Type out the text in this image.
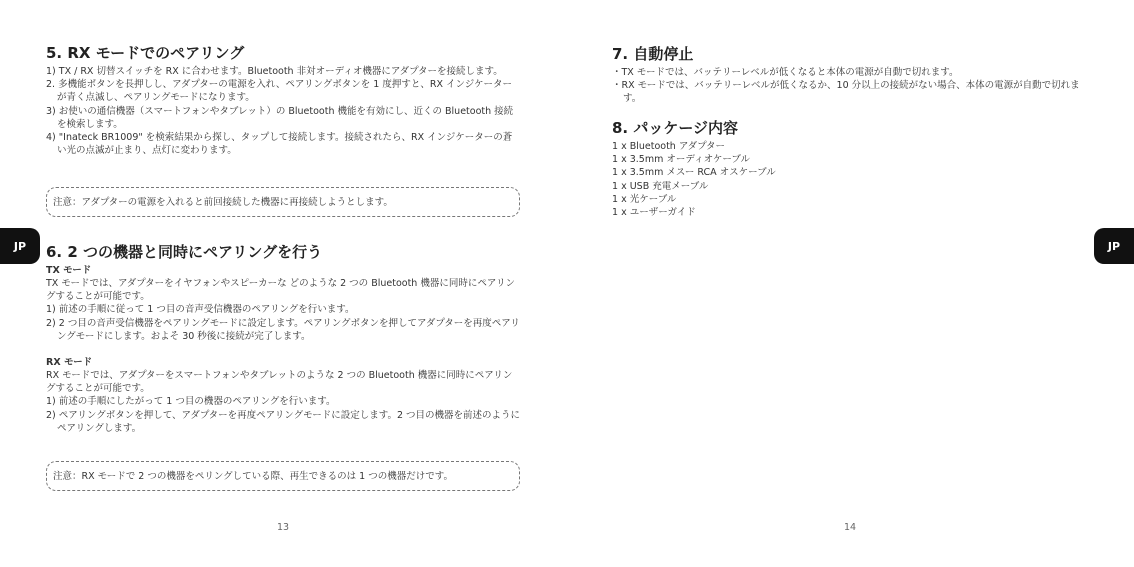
JP
5. RX モードでのペアリング

1) TX / RX 切替スイッチを RX に合わせます。Bluetooth 非対オーディオ機器にアダプターを接続します。

2. 多機能ボタンを長押しし、アダプターの電源を入れ、ペアリングボタンを 1 度押すと、RX インジケーターが青く点滅し、ペアリングモードになります。

3) お使いの通信機器（スマートフォンやタブレット）の Bluetooth 機能を有効にし、近くの Bluetooth 接続を検索します。

4) "Inateck BR1009" を検索結果から探し、タップして接続します。接続されたら、RX インジケーターの蒼い光の点滅が止まり、点灯に変わります。

注意：アダプターの電源を入れると前回接続した機器に再接続しようとします。
6. 2 つの機器と同時にペアリングを行う

TX モード

TX モードでは、アダプターをイヤフォンやスピーカーな どのような 2 つの Bluetooth 機器に同時にペアリングすることが可能です。

1) 前述の手順に従って 1 つ目の音声受信機器のペアリングを行います。

2) 2 つ目の音声受信機器をペアリングモードに設定します。ペアリングボタンを押してアダプターを再度ペアリングモードにします。およそ 30 秒後に接続が完了します。

RX モード

RX モードでは、アダプターをスマートフォンやタブレットのような 2 つの Bluetooth 機器に同時にペアリングすることが可能です。

1) 前述の手順にしたがって 1 つ目の機器のペアリングを行います。

2) ペアリングボタンを押して、アダプターを再度ペアリングモードに設定します。2 つ目の機器を前述のようにペアリングします。

注意：RX モードで 2 つの機器をペリングしている際、再生できるのは 1 つの機器だけです。
13
JP
14
7. 自動停止

・TX モードでは、バッテリーレベルが低くなると本体の電源が自動で切れます。

・RX モードでは、バッテリーレベルが低くなるか、10 分以上の接続がない場合、本体の電源が自動で切れます。

8. パッケージ内容

1 x Bluetooth アダプター

1 x 3.5mm オーディオケーブル

1 x 3.5mm メスー RCA オスケーブル

1 x USB 充電メーブル

1 x 光ケーブル

1 x ユーザーガイド
